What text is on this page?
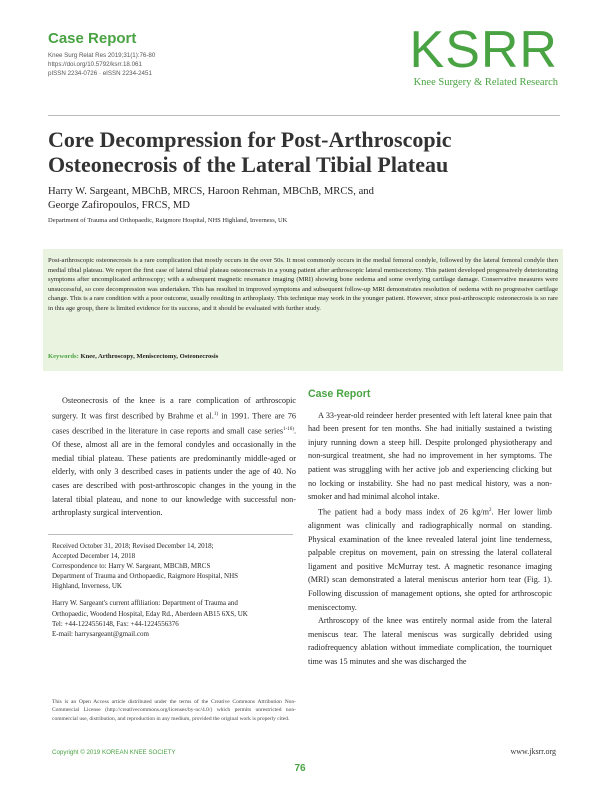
Case Report
Knee Surg Relat Res 2019;31(1):76-80
https://doi.org/10.5792/ksrr.18.061
pISSN 2234-0726 · eISSN 2234-2451	KSRR
Knee Surgery & Related Research
Core Decompression for Post-Arthroscopic Osteonecrosis of the Lateral Tibial Plateau
Harry W. Sargeant, MBChB, MRCS, Haroon Rehman, MBChB, MRCS, and
George Zafiropoulos, FRCS, MD
Department of Trauma and Orthopaedic, Raigmore Hospital, NHS Highland, Inverness, UK
Post-arthroscopic osteonecrosis is a rare complication that mostly occurs in the over 50s. It most commonly occurs in the medial femoral condyle, followed by the lateral femoral condyle then medial tibial plateau. We report the first case of lateral tibial plateau osteonecrosis in a young patient after arthroscopic lateral meniscectomy. This patient developed progressively deteriorating symptoms after uncomplicated arthroscopy; with a subsequent magnetic resonance imaging (MRI) showing bone oedema and some overlying cartilage damage. Conservative measures were unsuccessful, so core decompression was undertaken. This has resulted in improved symptoms and subsequent follow-up MRI demonstrates resolution of oedema with no progressive cartilage change. This is a rare condition with a poor outcome, usually resulting in arthroplasty. This technique may work in the younger patient. However, since post-arthroscopic osteonecrosis is so rare in this age group, there is limited evidence for its success, and it should be evaluated with further study.
Keywords: Knee, Arthroscopy, Meniscectomy, Osteonecrosis

Osteonecrosis of the knee is a rare complication of arthroscopic surgery. It was first described by Brahme et al.$^{1)}$ in 1991. There are 76 cases described in the literature in case reports and small case series$^{1-16)}$. Of these, almost all are in the femoral condyles and occasionally in the medial tibial plateau. These patients are predominantly middle-aged or elderly, with only 3 described cases in patients under the age of 40. No cases are described with post-arthroscopic changes in the young in the lateral tibial plateau, and none to our knowledge with successful non-arthroplasty surgical intervention.

Received October 31, 2018; Revised December 14, 2018;
Accepted December 14, 2018
Correspondence to: Harry W. Sargeant, MBChB, MRCS
Department of Trauma and Orthopaedic, Raigmore Hospital, NHS
Highland, Inverness, UK
Harry W. Sargeant's current affiliation: Department of Trauma and
Orthopaedic, Woodend Hospital, Eday Rd., Aberdeen AB15 6XS, UK
Tel: +44-1224556148, Fax: +44-1224556376
E-mail: harrysargeant@gmail.com
This is an Open Access article distributed under the terms of the Creative Commons Attribution Non-Commercial License (http://creativecommons.org/licenses/by-nc/4.0/) which permits unrestricted non-commercial use, distribution, and reproduction in any medium, provided the original work is properly cited.
Case Report

A 33-year-old reindeer herder presented with left lateral knee pain that had been present for ten months. She had initially sustained a twisting injury running down a steep hill. Despite prolonged physiotherapy and non-surgical treatment, she had no improvement in her symptoms. The patient was struggling with her active job and experiencing clicking but no locking or instability. She had no past medical history, was a non-smoker and had minimal alcohol intake.

The patient had a body mass index of 26 $kg/m^2$. Her lower limb alignment was clinically and radiographically normal on standing. Physical examination of the knee revealed lateral joint line tenderness, palpable crepitus on movement, pain on stressing the lateral collateral ligament and positive McMurray test. A magnetic resonance imaging (MRI) scan demonstrated a lateral meniscus anterior horn tear (Fig. 1). Following discussion of management options, she opted for arthroscopic meniscectomy.

Arthroscopy of the knee was entirely normal aside from the lateral meniscus tear. The lateral meniscus was surgically debrided using radiofrequency ablation without immediate complication, the tourniquet time was 15 minutes and she was discharged the

Copyright © 2019 KOREAN KNEE SOCIETY	www.jksrr.org
76
